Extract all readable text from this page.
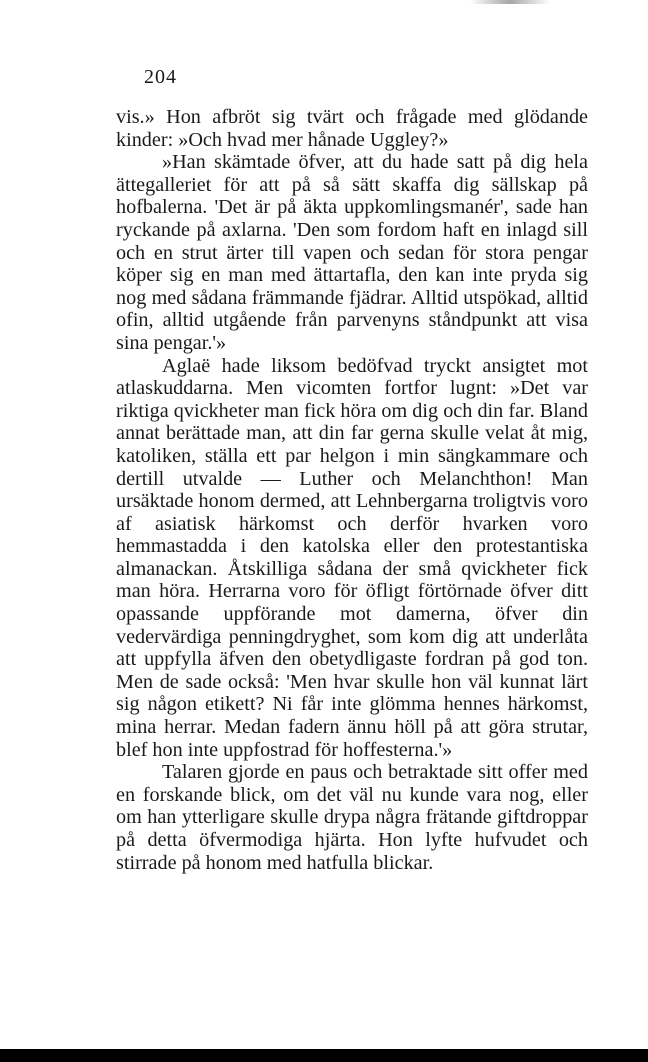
204

vis.» Hon afbröt sig tvärt och frågade med glödande kinder: »Och hvad mer hånade Uggley?»

»Han skämtade öfver, att du hade satt på dig hela ättegalleriet för att på så sätt skaffa dig sällskap på hofbalerna. 'Det är på äkta uppkomlingsmanér', sade han ryckande på axlarna. 'Den som fordom haft en inlagd sill och en strut ärter till vapen och sedan för stora pengar köper sig en man med ättartafla, den kan inte pryda sig nog med sådana främmande fjädrar. Alltid utspökad, alltid ofin, alltid utgående från parvenyns ståndpunkt att visa sina pengar.'»

Aglaë hade liksom bedöfvad tryckt ansigtet mot atlaskuddarna. Men vicomten fortfor lugnt: »Det var riktiga qvickheter man fick höra om dig och din far. Bland annat berättade man, att din far gerna skulle velat åt mig, katoliken, ställa ett par helgon i min sängkammare och dertill utvalde — Luther och Melanchthon! Man ursäktade honom dermed, att Lehnbergarna troligtvis voro af asiatisk härkomst och derför hvarken voro hemmastadda i den katolska eller den protestantiska almanackan. Åtskilliga sådana der små qvickheter fick man höra. Herrarna voro för öfligt förtörnade öfver ditt opassande uppförande mot damerna, öfver din vedervärdiga penningdryghet, som kom dig att underlåta att uppfylla äfven den obetydligaste fordran på god ton. Men de sade också: 'Men hvar skulle hon väl kunnat lärt sig någon etikett? Ni får inte glömma hennes härkomst, mina herrar. Medan fadern ännu höll på att göra strutar, blef hon inte uppfostrad för hoffesterna.'»

Talaren gjorde en paus och betraktade sitt offer med en forskande blick, om det väl nu kunde vara nog, eller om han ytterligare skulle drypa några frätande giftdroppar på detta öfvermodiga hjärta. Hon lyfte hufvudet och stirrade på honom med hatfulla blickar.
